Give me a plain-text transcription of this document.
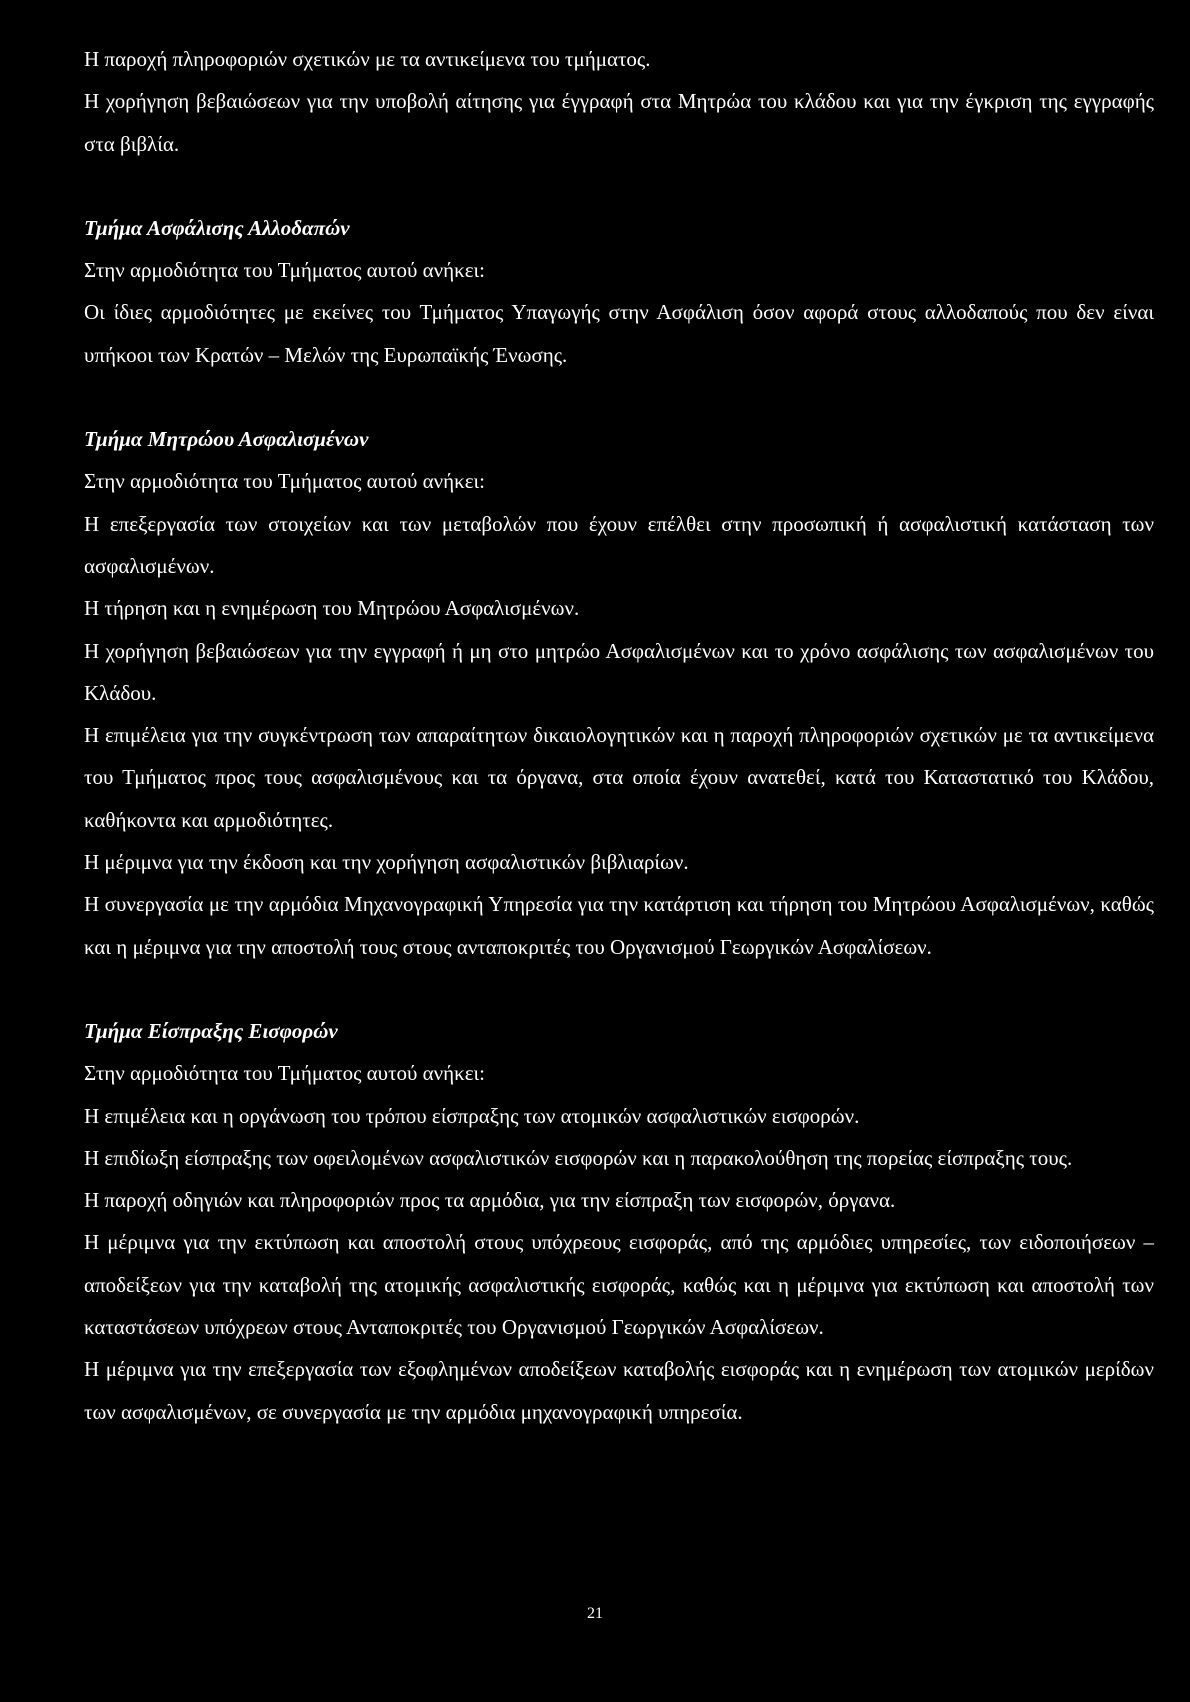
Η παροχή πληροφοριών σχετικών με τα αντικείμενα του τμήματος.

Η χορήγηση βεβαιώσεων για την υποβολή αίτησης για έγγραφή στα Μητρώα του κλάδου και για την έγκριση της εγγραφής στα βιβλία.

Τμήμα Ασφάλισης Αλλοδαπών

Στην αρμοδιότητα του Τμήματος αυτού ανήκει:

Οι ίδιες αρμοδιότητες με εκείνες του Τμήματος Υπαγωγής στην Ασφάλιση όσον αφορά στους αλλοδαπούς που δεν είναι υπήκοοι των Κρατών – Μελών της Ευρωπαϊκής Ένωσης.

Τμήμα Μητρώου Ασφαλισμένων

Στην αρμοδιότητα του Τμήματος αυτού ανήκει:

Η επεξεργασία των στοιχείων και των μεταβολών που έχουν επέλθει στην προσωπική ή ασφαλιστική κατάσταση των ασφαλισμένων.

Η τήρηση και η ενημέρωση του Μητρώου Ασφαλισμένων.

Η χορήγηση βεβαιώσεων για την εγγραφή ή μη στο μητρώο Ασφαλισμένων και το χρόνο ασφάλισης των ασφαλισμένων του Κλάδου.

Η επιμέλεια για την συγκέντρωση των απαραίτητων δικαιολογητικών και η παροχή πληροφοριών σχετικών με τα αντικείμενα του Τμήματος προς τους ασφαλισμένους και τα όργανα, στα οποία έχουν ανατεθεί, κατά του Καταστατικό του Κλάδου, καθήκοντα και αρμοδιότητες.

Η μέριμνα για την έκδοση και την χορήγηση ασφαλιστικών βιβλιαρίων.

Η συνεργασία με την αρμόδια Μηχανογραφική Υπηρεσία για την κατάρτιση και τήρηση του Μητρώου Ασφαλισμένων, καθώς και η μέριμνα για την αποστολή τους στους ανταποκριτές του Οργανισμού Γεωργικών Ασφαλίσεων.

Τμήμα Είσπραξης Εισφορών

Στην αρμοδιότητα του Τμήματος αυτού ανήκει:

Η επιμέλεια και η οργάνωση του τρόπου είσπραξης των ατομικών ασφαλιστικών εισφορών.

Η επιδίωξη είσπραξης των οφειλομένων ασφαλιστικών εισφορών και η παρακολούθηση της πορείας είσπραξης τους.

Η παροχή οδηγιών και πληροφοριών προς τα αρμόδια, για την είσπραξη των εισφορών, όργανα.

Η μέριμνα για την εκτύπωση και αποστολή στους υπόχρεους εισφοράς, από της αρμόδιες υπηρεσίες, των ειδοποιήσεων – αποδείξεων για την καταβολή της ατομικής ασφαλιστικής εισφοράς, καθώς και η μέριμνα για εκτύπωση και αποστολή των καταστάσεων υπόχρεων στους Ανταποκριτές του Οργανισμού Γεωργικών Ασφαλίσεων.

Η μέριμνα για την επεξεργασία των εξοφλημένων αποδείξεων καταβολής εισφοράς και η ενημέρωση των ατομικών μερίδων των ασφαλισμένων, σε συνεργασία με την αρμόδια μηχανογραφική υπηρεσία.

21
